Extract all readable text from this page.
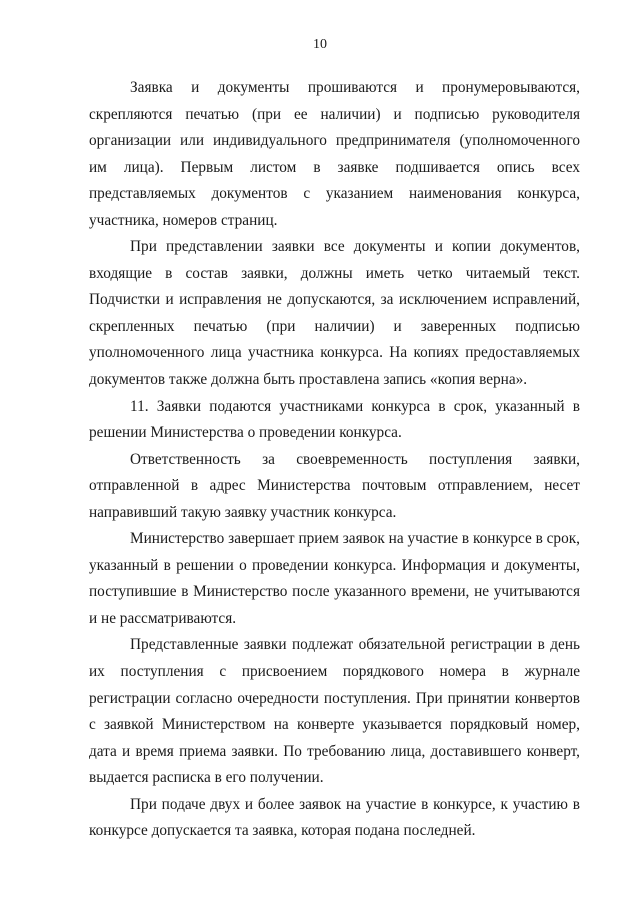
10

Заявка и документы прошиваются и пронумеровываются, скрепляются печатью (при ее наличии) и подписью руководителя организации или индивидуального предпринимателя (уполномоченного им лица). Первым листом в заявке подшивается опись всех представляемых документов с указанием наименования конкурса, участника, номеров страниц.

При представлении заявки все документы и копии документов, входящие в состав заявки, должны иметь четко читаемый текст. Подчистки и исправления не допускаются, за исключением исправлений, скрепленных печатью (при наличии) и заверенных подписью уполномоченного лица участника конкурса. На копиях предоставляемых документов также должна быть проставлена запись «копия верна».

11. Заявки подаются участниками конкурса в срок, указанный в решении Министерства о проведении конкурса.

Ответственность за своевременность поступления заявки, отправленной в адрес Министерства почтовым отправлением, несет направивший такую заявку участник конкурса.

Министерство завершает прием заявок на участие в конкурсе в срок, указанный в решении о проведении конкурса. Информация и документы, поступившие в Министерство после указанного времени, не учитываются и не рассматриваются.

Представленные заявки подлежат обязательной регистрации в день их поступления с присвоением порядкового номера в журнале регистрации согласно очередности поступления. При принятии конвертов с заявкой Министерством на конверте указывается порядковый номер, дата и время приема заявки. По требованию лица, доставившего конверт, выдается расписка в его получении.

При подаче двух и более заявок на участие в конкурсе, к участию в конкурсе допускается та заявка, которая подана последней.
